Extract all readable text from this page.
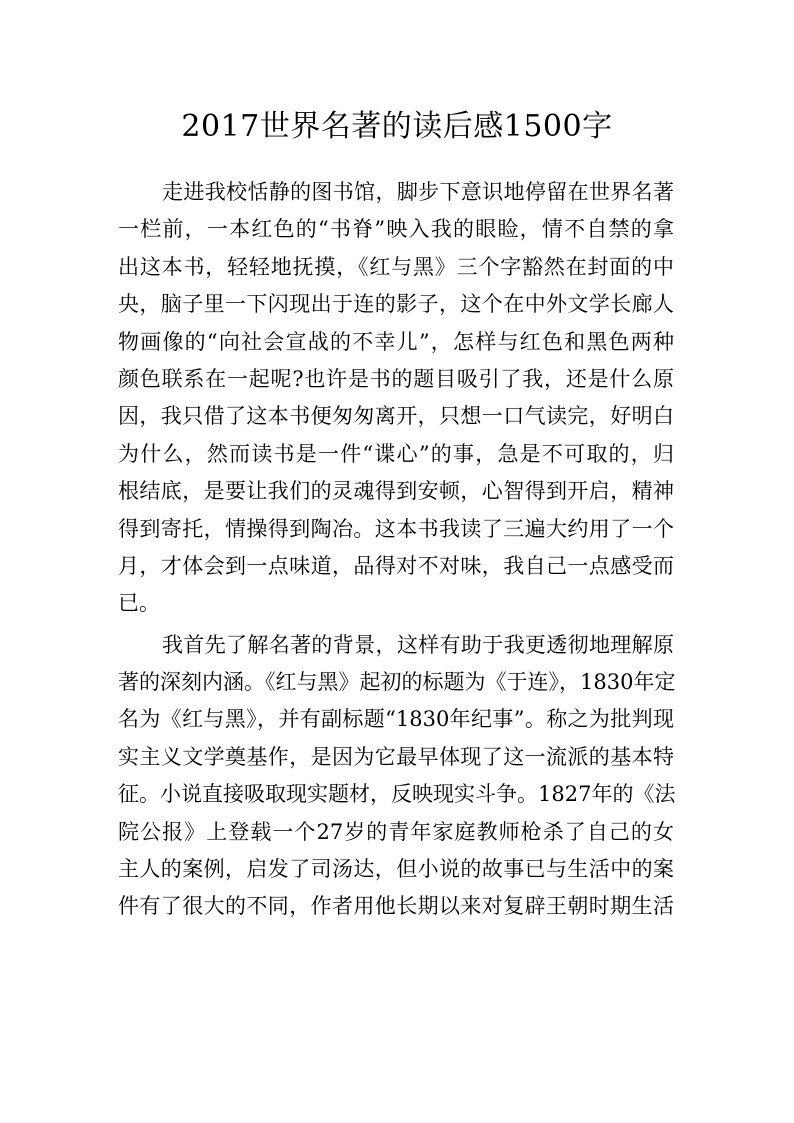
2017世界名著的读后感1500字
走进我校恬静的图书馆，脚步下意识地停留在世界名著
一栏前，一本红色的“书脊”映入我的眼睑，情不自禁的拿
出这本书，轻轻地抚摸，《红与黑》三个字豁然在封面的中
央，脑子里一下闪现出于连的影子，这个在中外文学长廊人
物画像的“向社会宣战的不幸儿”，怎样与红色和黑色两种
颜色联系在一起呢?也许是书的题目吸引了我，还是什么原
因，我只借了这本书便匆匆离开，只想一口气读完，好明白
为什么，然而读书是一件“谍心”的事，急是不可取的，归
根结底，是要让我们的灵魂得到安顿，心智得到开启，精神
得到寄托，情操得到陶冶。这本书我读了三遍大约用了一个
月，才体会到一点味道，品得对不对味，我自己一点感受而
已。
我首先了解名著的背景，这样有助于我更透彻地理解原
著的深刻内涵。《红与黑》起初的标题为《于连》，1830年定
名为《红与黑》，并有副标题“1830年纪事”。称之为批判现
实主义文学奠基作，是因为它最早体现了这一流派的基本特
征。小说直接吸取现实题材，反映现实斗争。1827年的《法
院公报》上登载一个27岁的青年家庭教师枪杀了自己的女
主人的案例，启发了司汤达，但小说的故事已与生活中的案
件有了很大的不同，作者用他长期以来对复辟王朝时期生活
